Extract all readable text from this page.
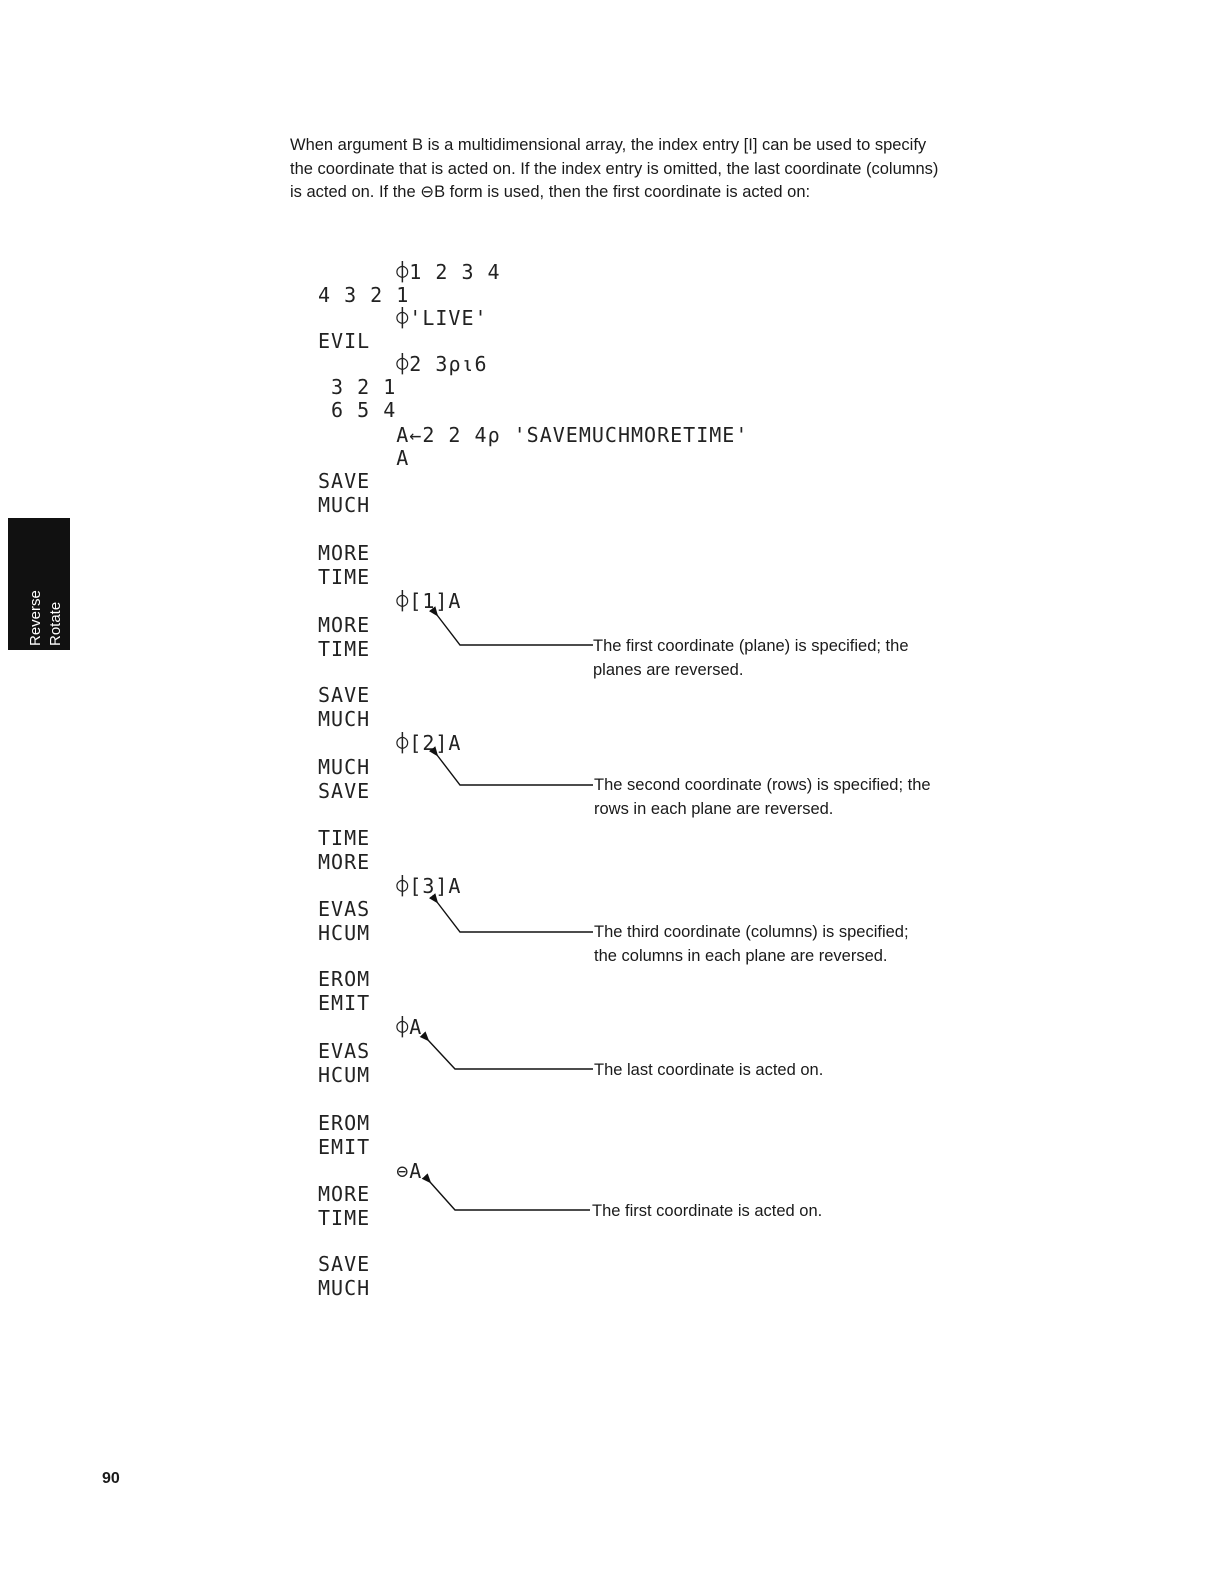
When argument B is a multidimensional array, the index entry [I] can be used to specify the coordinate that is acted on. If the index entry is omitted, the last coordinate (columns) is acted on. If the ⊖B form is used, then the first coordinate is acted on:

Reverse Rotate
⌽1 2 3 4
4 3 2 1
⌽'LIVE'
EVIL
⌽2 3⍴⍳6
3 2 1
6 5 4
A←2 2 4⍴ 'SAVEMUCHMORETIME'
A
SAVE
MUCH
MORE
TIME
⌽[1]A
MORE
TIME
SAVE
MUCH
⌽[2]A
MUCH
SAVE
TIME
MORE
⌽[3]A
EVAS
HCUM
EROM
EMIT
⌽A
EVAS
HCUM
EROM
EMIT
⊖A
MORE
TIME
SAVE
MUCH

The first coordinate (plane) is specified; the planes are reversed.

The second coordinate (rows) is specified; the rows in each plane are reversed.

The third coordinate (columns) is specified; the columns in each plane are reversed.

The last coordinate is acted on.

The first coordinate is acted on.

90
